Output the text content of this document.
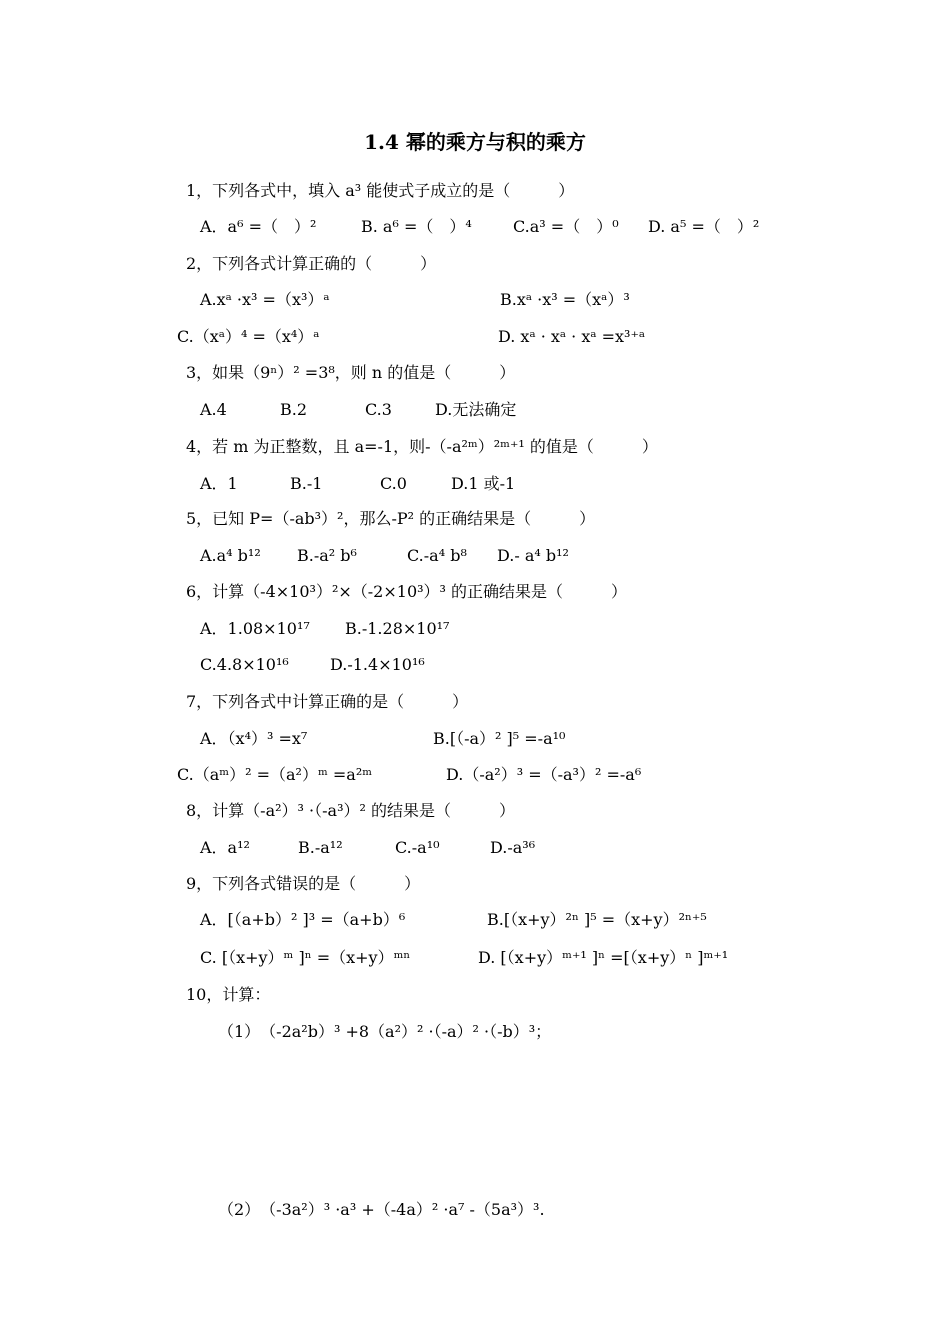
1.4 幂的乘方与积的乘方
1，下列各式中，填入 a³ 能使式子成立的是（　　　）
A．a⁶ =（　）²	B. a⁶ =（　）⁴	C.a³ =（　）⁰ D. a⁵ =（　）²
2，下列各式计算正确的（　　　）
A.xᵃ ·x³ =（x³）ᵃ	B.xᵃ ·x³ =（xᵃ）³
C.（xᵃ）⁴ =（x⁴）ᵃ	D. xᵃ · xᵃ · xᵃ =x³⁺ᵃ
3，如果（9ⁿ）² =3⁸，则 n 的值是（　　　）
A.4	B.2	C.3	D.无法确定
4，若 m 为正整数，且 a=-1，则-（-a²ᵐ）²ᵐ⁺¹ 的值是（　　　）
A．1	B.-1	C.0	D.1 或-1
5，已知 P=（-ab³）²，那么-P² 的正确结果是（　　　）
A.a⁴ b¹² B.-a² b⁶	C.-a⁴ b⁸ D.- a⁴ b¹²
6，计算（-4×10³）²×（-2×10³）³ 的正确结果是（　　　）
A．1.08×10¹⁷ B.-1.28×10¹⁷
C.4.8×10¹⁶	D.-1.4×10¹⁶
7，下列各式中计算正确的是（　　　）
A．（x⁴）³ =x⁷	B.[（-a）² ]⁵ =-a¹⁰
C.（aᵐ）² =（a²）ᵐ =a²ᵐ	D.（-a²）³ =（-a³）² =-a⁶
8，计算（-a²）³ ·（-a³）² 的结果是（　　　）
A．a¹²	B.-a¹²	C.-a¹⁰	D.-a³⁶
9，下列各式错误的是（　　　）
A．[（a+b）² ]³ =（a+b）⁶	B.[（x+y）²ⁿ ]⁵ =（x+y）²ⁿ⁺⁵
C. [（x+y）ᵐ ]ⁿ =（x+y）ᵐⁿ	D. [（x+y）ᵐ⁺¹ ]ⁿ =[（x+y）ⁿ ]ᵐ⁺¹
10，计算：
（1）　（-2a²b）³ +8（a²）² ·（-a）² ·（-b）³；
（2）　（-3a²）³ ·a³ +（-4a）² ·a⁷ -（5a³）³.
